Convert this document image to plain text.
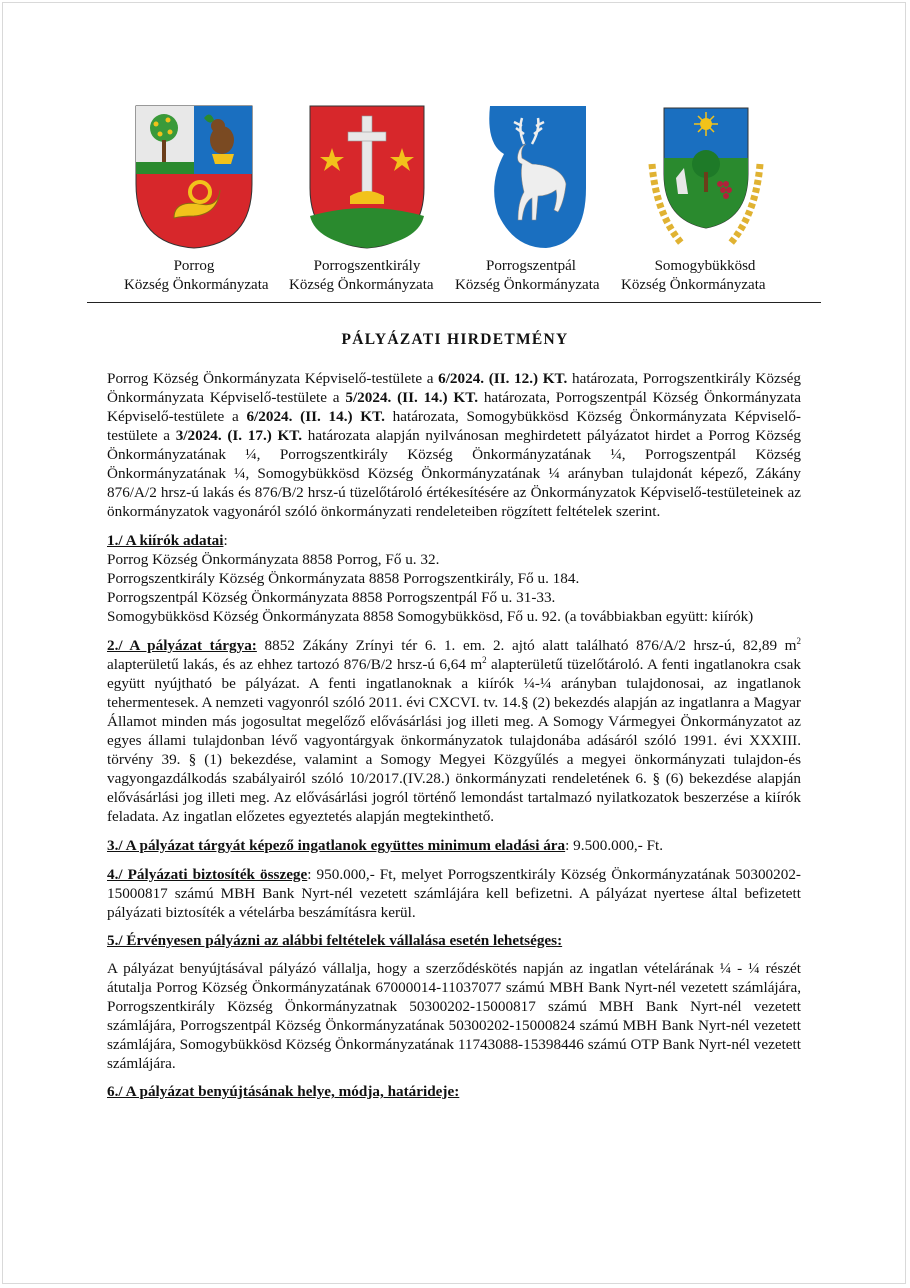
Porrog	Porrogszentkirály	Porrogszentpál	Somogybükkösd
Község Önkormányzata	Község Önkormányzata	Község Önkormányzata	Község Önkormányzata
PÁLYÁZATI HIRDETMÉNY

Porrog Község Önkormányzata Képviselő-testülete a 6/2024. (II. 12.) KT. határozata, Porrogszentkirály Község Önkormányzata Képviselő-testülete a 5/2024. (II. 14.) KT. határozata, Porrogszentpál Község Önkormányzata Képviselő-testülete a 6/2024. (II. 14.) KT. határozata, Somogybükkösd Község Önkormányzata Képviselő-testülete a 3/2024. (I. 17.) KT. határozata alapján nyilvánosan meghirdetett pályázatot hirdet a Porrog Község Önkormányzatának ¼, Porrogszentkirály Község Önkormányzatának ¼, Porrogszentpál Község Önkormányzatának ¼, Somogybükkösd Község Önkormányzatának ¼ arányban tulajdonát képező, Zákány 876/A/2 hrsz-ú lakás és 876/B/2 hrsz-ú tüzelőtároló értékesítésére az Önkormányzatok Képviselő-testületeinek az önkormányzatok vagyonáról szóló önkormányzati rendeleteiben rögzített feltételek szerint.

1./ A kiírók adatai:
Porrog Község Önkormányzata 8858 Porrog, Fő u. 32.
Porrogszentkirály Község Önkormányzata 8858 Porrogszentkirály, Fő u. 184.
Porrogszentpál Község Önkormányzata 8858 Porrogszentpál Fő u. 31-33.
Somogybükkösd Község Önkormányzata 8858 Somogybükkösd, Fő u. 92. (a továbbiakban együtt: kiírók)

2./ A pályázat tárgya: 8852 Zákány Zrínyi tér 6. 1. em. 2. ajtó alatt található 876/A/2 hrsz-ú, 82,89 $m^2$ alapterületű lakás, és az ehhez tartozó 876/B/2 hrsz-ú 6,64 $m^2$ alapterületű tüzelőtároló. A fenti ingatlanokra csak együtt nyújtható be pályázat. A fenti ingatlanoknak a kiírók ¼-¼ arányban tulajdonosai, az ingatlanok tehermentesek. A nemzeti vagyonról szóló 2011. évi CXCVI. tv. 14.§ (2) bekezdés alapján az ingatlanra a Magyar Államot minden más jogosultat megelőző elővásárlási jog illeti meg. A Somogy Vármegyei Önkormányzatot az egyes állami tulajdonban lévő vagyontárgyak önkormányzatok tulajdonába adásáról szóló 1991. évi XXXIII. törvény 39. § (1) bekezdése, valamint a Somogy Megyei Közgyűlés a megyei önkormányzati tulajdon-és vagyongazdálkodás szabályairól szóló 10/2017.(IV.28.) önkormányzati rendeletének 6. § (6) bekezdése alapján elővásárlási jog illeti meg. Az elővásárlási jogról történő lemondást tartalmazó nyilatkozatok beszerzése a kiírók feladata. Az ingatlan előzetes egyeztetés alapján megtekinthető.

3./ A pályázat tárgyát képező ingatlanok együttes minimum eladási ára: 9.500.000,- Ft.

4./ Pályázati biztosíték összege: 950.000,- Ft, melyet Porrogszentkirály Község Önkormányzatának 50300202-15000817 számú MBH Bank Nyrt-nél vezetett számlájára kell befizetni. A pályázat nyertese által befizetett pályázati biztosíték a vételárba beszámításra kerül.

5./ Érvényesen pályázni az alábbi feltételek vállalása esetén lehetséges:

A pályázat benyújtásával pályázó vállalja, hogy a szerződéskötés napján az ingatlan vételárának ¼ - ¼ részét átutalja Porrog Község Önkormányzatának 67000014-11037077 számú MBH Bank Nyrt-nél vezetett számlájára, Porrogszentkirály Község Önkormányzatnak 50300202-15000817 számú MBH Bank Nyrt-nél vezetett számlájára, Porrogszentpál Község Önkormányzatának 50300202-15000824 számú MBH Bank Nyrt-nél vezetett számlájára, Somogybükkösd Község Önkormányzatának 11743088-15398446 számú OTP Bank Nyrt-nél vezetett számlájára.

6./ A pályázat benyújtásának helye, módja, határideje:
